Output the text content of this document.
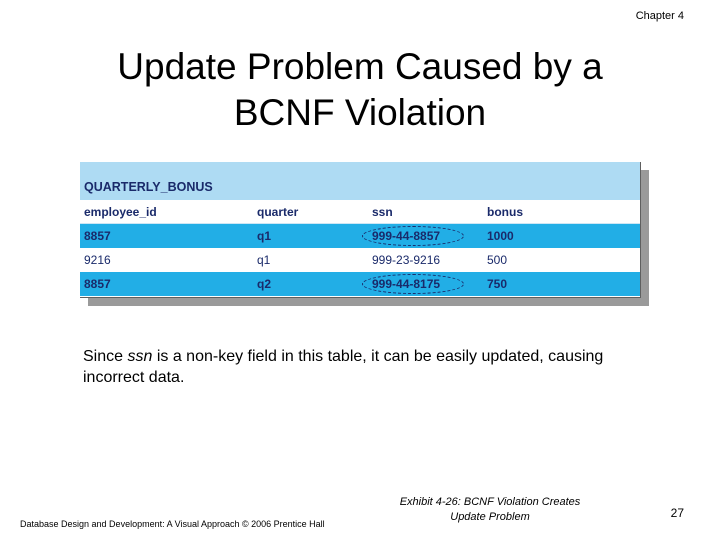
Chapter 4
Update Problem Caused by a
BCNF Violation
QUARTERLY_BONUS
employee_id	quarter	ssn	bonus
8857	q1	999-44-8857	1000
9216	q1	999-23-9216	500
8857	q2	999-44-8175	750
Since ssn is a non-key field in this table, it can be easily updated, causing incorrect data.
Database Design and Development: A Visual Approach © 2006 Prentice Hall
Exhibit 4-26: BCNF Violation Creates
Update Problem	27
